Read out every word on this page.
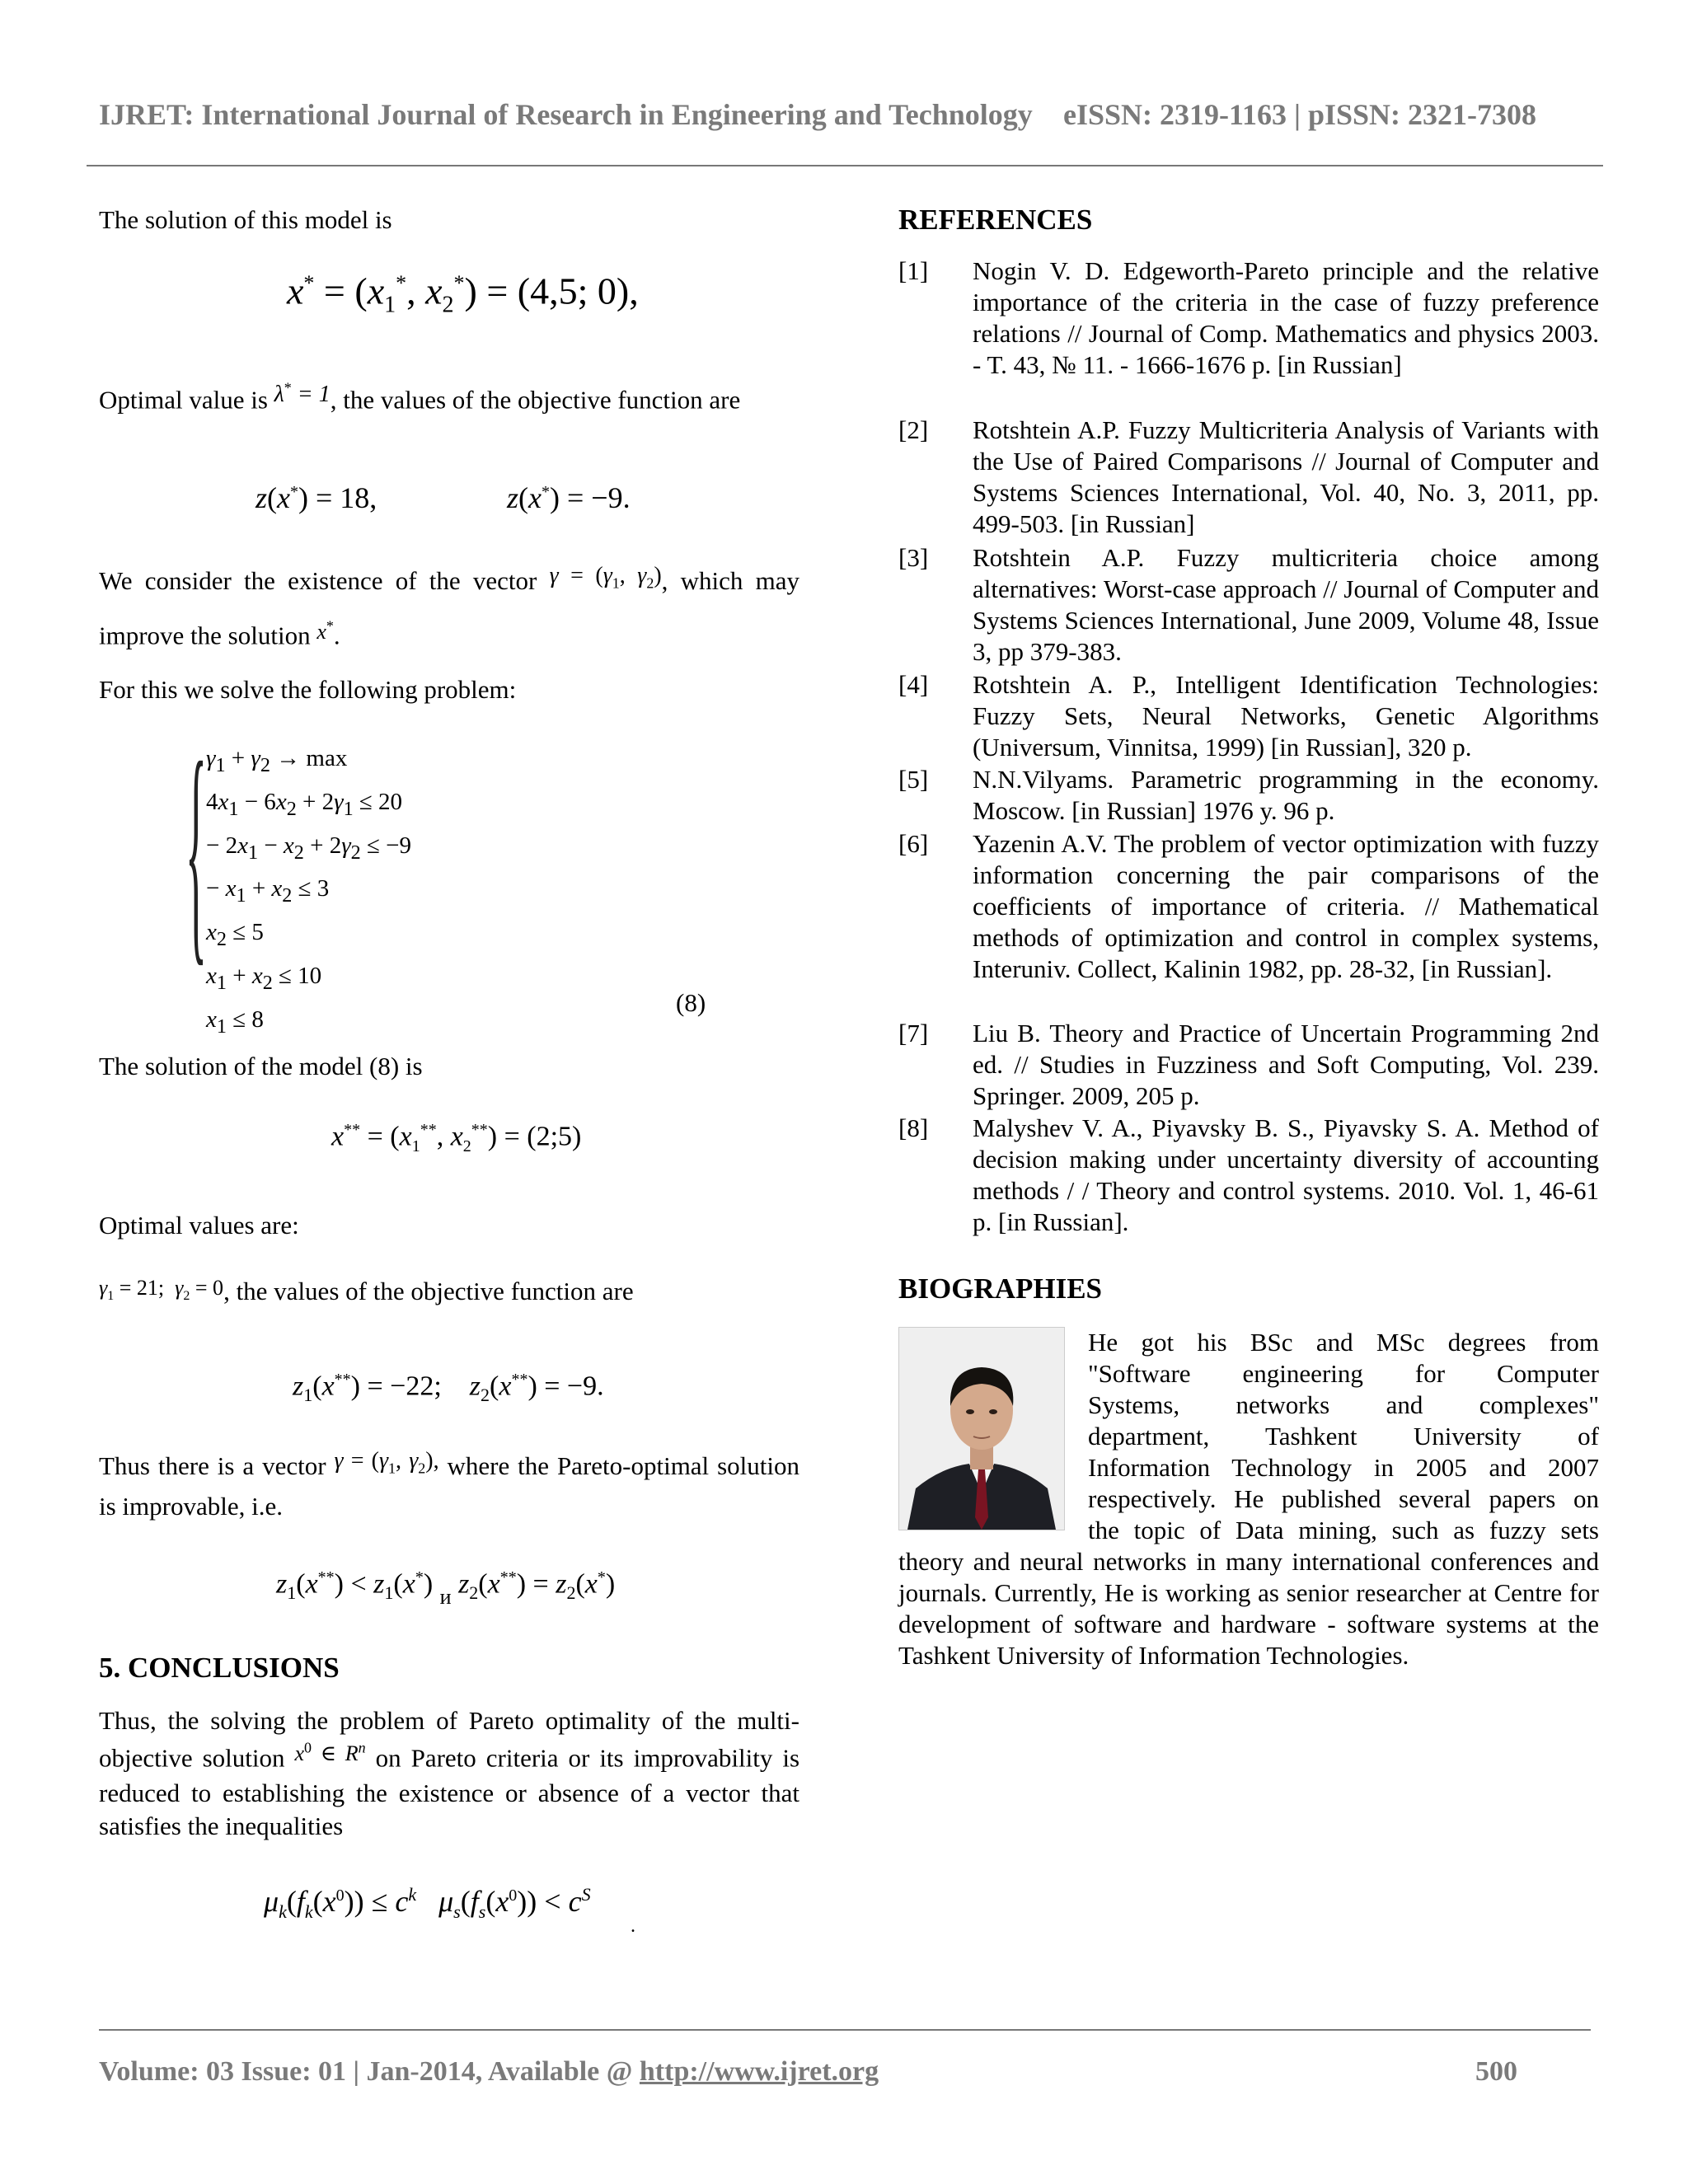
IJRET: International Journal of Research in Engineering and Technology eISSN: 2319-1163 | pISSN: 2321-7308

The solution of this model is

$x^* = (x_1^*$, $x_2^*) = (4,5$; 0),

Optimal value is λ* = 1, the values of the objective function are

z(x*) = 18,	z(x*) = −9.

We consider the existence of the vector $\gamma = (\gamma_1$, $\gamma_2$), which may improve the solution x*.

For this we solve the following problem:

{ $\gamma_1 + \gamma_2 \to \max$
$4x_1 - 6x_2 + 2\gamma_1 \le 20$
− $2x_1 - x_2 + 2\gamma_2 \le -9$
− $x_1 + x_2 \le 3$
$x_2 \le 5$
$x_1 + x_2 \le 10$
$x_1 \le 8$
(8)

The solution of the model (8) is

$x^{**} = (x_1^{**}$, $x_2^{**}$) = (2;5)

Optimal values are:

$\gamma_1 = 21$;  $\gamma_2 = 0$, the values of the objective function are

$z_1(x^{**}) = -22$;    $z_2(x^{**}) = -9$.

Thus there is a vector $\gamma = (\gamma_1$, $\gamma_2$), where the Pareto-optimal solution is improvable, i.e.

$z_1(x^{**}) < z_1(x^*)$ $_и$ $z_2(x^{**}) = z_2(x^*)$
5. CONCLUSIONS

Thus, the solving the problem of Pareto optimality of the multi-objective solution $^{x^0 \in R^n}$ on Pareto criteria or its improvability is reduced to establishing the existence or absence of a vector that satisfies the inequalities

$\mu_k(f_k(x^0)) \le c^k$ $\mu_s(f_s(x^0)) < c^S$
.
REFERENCES
[1] Nogin V. D. Edgeworth-Pareto principle and the relative importance of the criteria in the case of fuzzy preference relations // Journal of Comp. Mathematics and physics 2003. - T. 43, № 11. - 1666-1676 p. [in Russian]
[2] Rotshtein A.P. Fuzzy Multicriteria Analysis of Variants with the Use of Paired Comparisons // Journal of Computer and Systems Sciences International, Vol. 40, No. 3, 2011, pp. 499-503. [in Russian]
[3] Rotshtein A.P. Fuzzy multicriteria choice among alternatives: Worst-case approach // Journal of Computer and Systems Sciences International, June 2009, Volume 48, Issue 3, pp 379-383.
[4] Rotshtein A. P., Intelligent Identification Technologies: Fuzzy Sets, Neural Networks, Genetic Algorithms (Universum, Vinnitsa, 1999) [in Russian], 320 p.
[5] N.N.Vilyams. Parametric programming in the economy. Moscow. [in Russian] 1976 y. 96 p.
[6] Yazenin A.V. The problem of vector optimization with fuzzy information concerning the pair comparisons of the coefficients of importance of criteria. // Mathematical methods of optimization and control in complex systems, Interuniv. Collect, Kalinin 1982, pp. 28-32, [in Russian].
[7] Liu B. Theory and Practice of Uncertain Programming 2nd ed. // Studies in Fuzziness and Soft Computing, Vol. 239. Springer. 2009, 205 p.
[8] Malyshev V. A., Piyavsky B. S., Piyavsky S. A. Method of decision making under uncertainty diversity of accounting methods / / Theory and control systems. 2010. Vol. 1, 46-61 p. [in Russian].
BIOGRAPHIES
He got his BSc and MSc degrees from
"Software engineering for Computer
Systems, networks and complexes"
department, Tashkent University of
Information Technology in 2005 and 2007
respectively. He published several papers on
the topic of Data mining, such as fuzzy sets

theory and neural networks in many international conferences and journals. Currently, He is working as senior researcher at Centre for development of software and hardware - software systems at the Tashkent University of Information Technologies.

Volume: 03 Issue: 01 | Jan-2014, Available @ http://www.ijret.org	500
